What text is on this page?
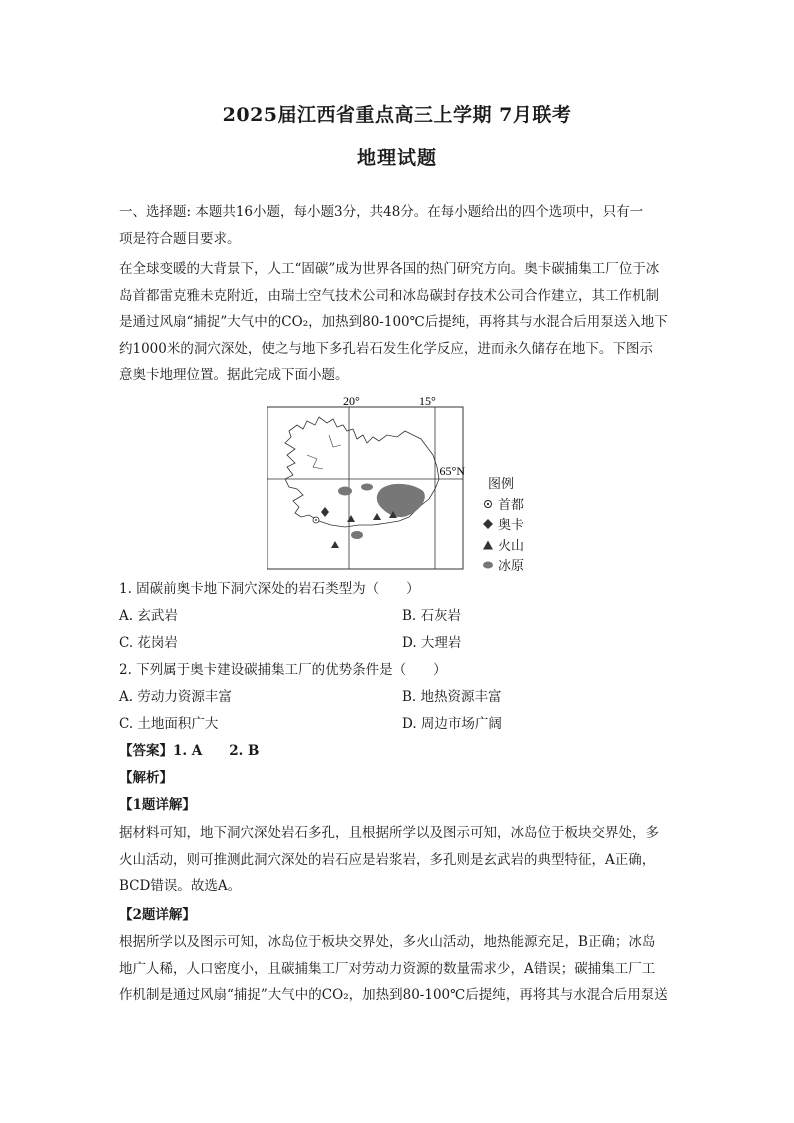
2025届江西省重点高三上学期 7月联考
地理试题
一、选择题: 本题共16小题，每小题3分，共48分。在每小题给出的四个选项中，只有一
项是符合题目要求。
在全球变暖的大背景下，人工“固碳”成为世界各国的热门研究方向。奥卡碳捕集工厂位于冰
岛首都雷克雅未克附近，由瑞士空气技术公司和冰岛碳封存技术公司合作建立，其工作机制
是通过风扇“捕捉”大气中的CO₂，加热到80-100℃后提纯，再将其与水混合后用泵送入地下
约1000米的洞穴深处，使之与地下多孔岩石发生化学反应，进而永久储存在地下。下图示
意奥卡地理位置。据此完成下面小题。
20°	15°
65°N
图例
首都
奥卡
火山
冰原
1. 固碳前奥卡地下洞穴深处的岩石类型为（　　）
A. 玄武岩	B. 石灰岩
C. 花岗岩	D. 大理岩
2. 下列属于奥卡建设碳捕集工厂的优势条件是（　　）
A. 劳动力资源丰富	B. 地热资源丰富
C. 土地面积广大	D. 周边市场广阔
【答案】1. A　　2. B
【解析】
【1题详解】
据材料可知，地下洞穴深处岩石多孔，且根据所学以及图示可知，冰岛位于板块交界处，多
火山活动，则可推测此洞穴深处的岩石应是岩浆岩，多孔则是玄武岩的典型特征，A正确，
BCD错误。故选A。
【2题详解】
根据所学以及图示可知，冰岛位于板块交界处，多火山活动，地热能源充足，B正确；冰岛
地广人稀，人口密度小，且碳捕集工厂对劳动力资源的数量需求少，A错误；碳捕集工厂工
作机制是通过风扇“捕捉”大气中的CO₂，加热到80-100℃后提纯，再将其与水混合后用泵送
